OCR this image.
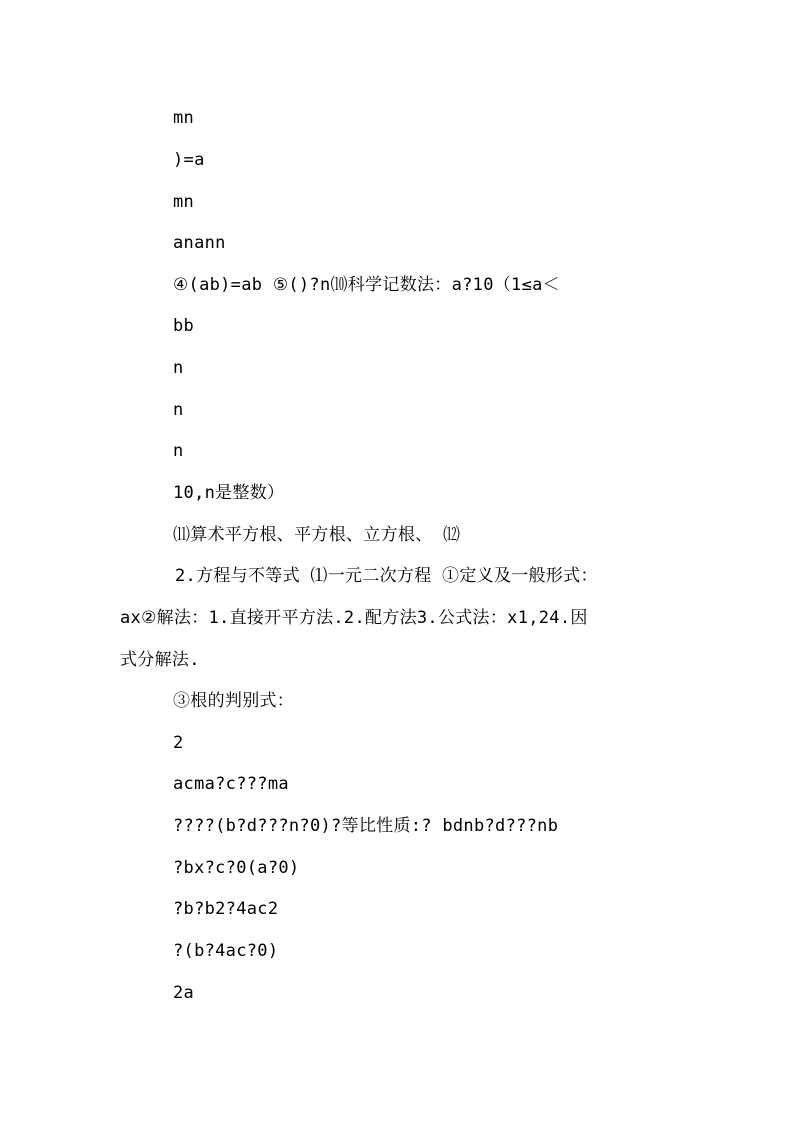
mn
)=a
mn
anann
④(ab)=ab ⑤()?n⑽科学记数法：a?10（1≤a＜
bb
n
n
n
10,n是整数）
⑾算术平方根、平方根、立方根、 ⑿
2.方程与不等式 ⑴一元二次方程 ①定义及一般形式：
ax②解法：1.直接开平方法.2.配方法3.公式法：x1,24.因
式分解法.
③根的判别式：
2
acma?c???ma
????(b?d???n?0)?等比性质:? bdnb?d???nb
?bx?c?0(a?0)
?b?b2?4ac2
?(b?4ac?0)
2a
